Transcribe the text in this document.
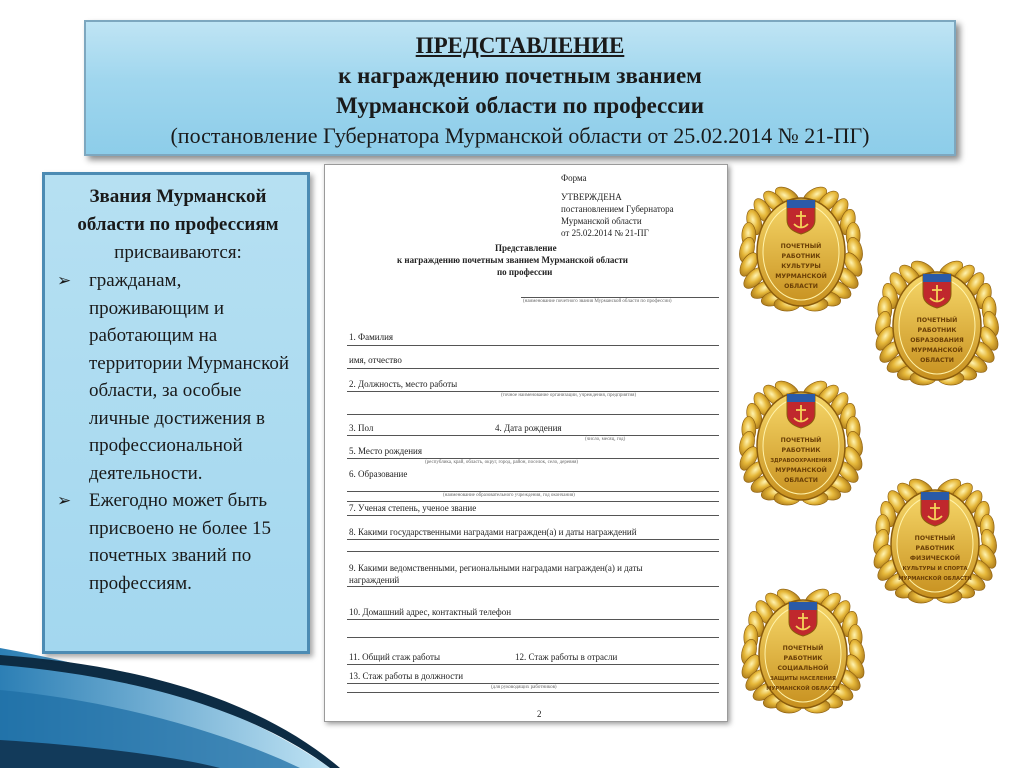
ПРЕДСТАВЛЕНИЕ
к награждению почетным званием
Мурманской области по профессии
(постановление Губернатора Мурманской области от 25.02.2014 № 21-ПГ)
Звания Мурманской
области по профессиям
присваиваются:
➢ гражданам, проживающим и работающим на территории Мурманской области, за особые личные достижения в профессиональной деятельности.
➢ Ежегодно может быть присвоено не более 15 почетных званий по профессиям.
Форма
УТВЕРЖДЕНА
постановлением Губернатора
Мурманской области
от 25.02.2014 № 21-ПГ
Представление
к награждению почетным званием Мурманской области
по профессии
(наименование почетного звания Мурманской области по профессии)
1. Фамилия
имя, отчество
2. Должность, место работы
(точное наименование организации, учреждения, предприятия)
3. Пол	4. Дата рождения
(число, месяц, год)
5. Место рождения
(республика, край, область, округ, город, район, поселок, село, деревня)
6. Образование
(наименование образовательного учреждения, год окончания)
7. Ученая степень, ученое звание
8. Какими государственными наградами награжден(а) и даты награждений
9. Какими ведомственными, региональными наградами награжден(а) и даты
награждений
10. Домашний адрес, контактный телефон
11. Общий стаж работы	12. Стаж работы в отрасли
13. Стаж работы в должности
(для руководящих работников)
2
ПОЧЕТНЫЙ
РАБОТНИК
КУЛЬТУРЫ
МУРМАНСКОЙ
ОБЛАСТИ
ПОЧЕТНЫЙ
РАБОТНИК
ОБРАЗОВАНИЯ
МУРМАНСКОЙ
ОБЛАСТИ
ПОЧЕТНЫЙ
РАБОТНИК
ЗДРАВООХРАНЕНИЯ
МУРМАНСКОЙ
ОБЛАСТИ
ПОЧЕТНЫЙ
РАБОТНИК
ФИЗИЧЕСКОЙ
КУЛЬТУРЫ И СПОРТА
МУРМАНСКОЙ ОБЛАСТИ
ПОЧЕТНЫЙ
РАБОТНИК
СОЦИАЛЬНОЙ
ЗАЩИТЫ НАСЕЛЕНИЯ
МУРМАНСКОЙ ОБЛАСТИ
